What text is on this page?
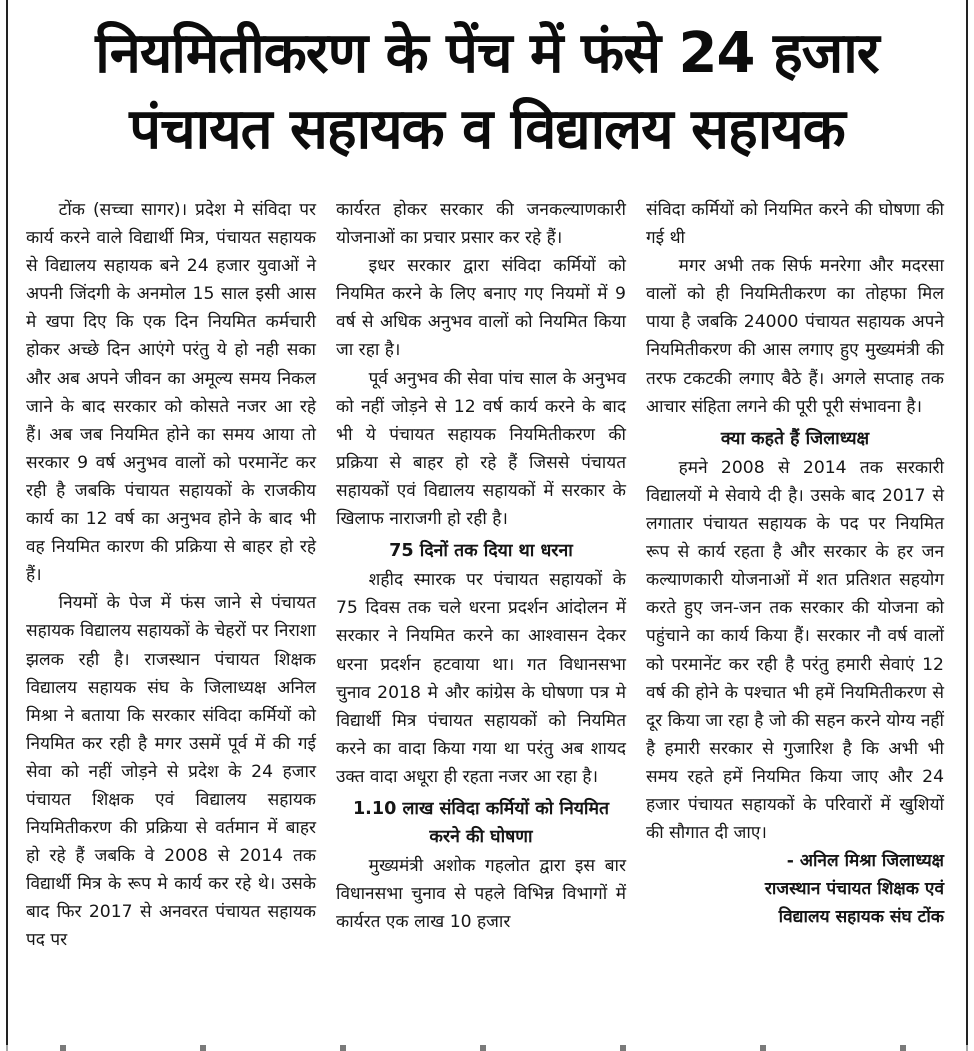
नियमितीकरण के पेंच में फंसे 24 हजार
पंचायत सहायक व विद्यालय सहायक

टोंक (सच्चा सागर)। प्रदेश मे संविदा पर कार्य करने वाले विद्यार्थी मित्र, पंचायत सहायक से विद्यालय सहायक बने 24 हजार युवाओं ने अपनी जिंदगी के अनमोल 15 साल इसी आस मे खपा दिए कि एक दिन नियमित कर्मचारी होकर अच्छे दिन आएंगे परंतु ये हो नही सका और अब अपने जीवन का अमूल्य समय निकल जाने के बाद सरकार को कोसते नजर आ रहे हैं। अब जब नियमित होने का समय आया तो सरकार 9 वर्ष अनुभव वालों को परमानेंट कर रही है जबकि पंचायत सहायकों के राजकीय कार्य का 12 वर्ष का अनुभव होने के बाद भी वह नियमित कारण की प्रक्रिया से बाहर हो रहे हैं।

नियमों के पेज में फंस जाने से पंचायत सहायक विद्यालय सहायकों के चेहरों पर निराशा झलक रही है। राजस्थान पंचायत शिक्षक विद्यालय सहायक संघ के जिलाध्यक्ष अनिल मिश्रा ने बताया कि सरकार संविदा कर्मियों को नियमित कर रही है मगर उसमें पूर्व में की गई सेवा को नहीं जोड़ने से प्रदेश के 24 हजार पंचायत शिक्षक एवं विद्यालय सहायक नियमितीकरण की प्रक्रिया से वर्तमान में बाहर हो रहे हैं जबकि वे 2008 से 2014 तक विद्यार्थी मित्र के रूप मे कार्य कर रहे थे। उसके बाद फिर 2017 से अनवरत पंचायत सहायक पद पर

कार्यरत होकर सरकार की जनकल्याणकारी योजनाओं का प्रचार प्रसार कर रहे हैं।

इधर सरकार द्वारा संविदा कर्मियों को नियमित करने के लिए बनाए गए नियमों में 9 वर्ष से अधिक अनुभव वालों को नियमित किया जा रहा है।

पूर्व अनुभव की सेवा पांच साल के अनुभव को नहीं जोड़ने से 12 वर्ष कार्य करने के बाद भी ये पंचायत सहायक नियमितीकरण की प्रक्रिया से बाहर हो रहे हैं जिससे पंचायत सहायकों एवं विद्यालय सहायकों में सरकार के खिलाफ नाराजगी हो रही है।

75 दिनों तक दिया था धरना

शहीद स्मारक पर पंचायत सहायकों के 75 दिवस तक चले धरना प्रदर्शन आंदोलन में सरकार ने नियमित करने का आश्वासन देकर धरना प्रदर्शन हटवाया था। गत विधानसभा चुनाव 2018 मे और कांग्रेस के घोषणा पत्र मे विद्यार्थी मित्र पंचायत सहायकों को नियमित करने का वादा किया गया था परंतु अब शायद उक्त वादा अधूरा ही रहता नजर आ रहा है।

1.10 लाख संविदा कर्मियों को नियमित करने की घोषणा

मुख्यमंत्री अशोक गहलोत द्वारा इस बार विधानसभा चुनाव से पहले विभिन्न विभागों में कार्यरत एक लाख 10 हजार

संविदा कर्मियों को नियमित करने की घोषणा की गई थी

मगर अभी तक सिर्फ मनरेगा और मदरसा वालों को ही नियमितीकरण का तोहफा मिल पाया है जबकि 24000 पंचायत सहायक अपने नियमितीकरण की आस लगाए हुए मुख्यमंत्री की तरफ टकटकी लगाए बैठे हैं। अगले सप्ताह तक आचार संहिता लगने की पूरी पूरी संभावना है।

क्या कहते हैं जिलाध्यक्ष

हमने 2008 से 2014 तक सरकारी विद्यालयों मे सेवाये दी है। उसके बाद 2017 से लगातार पंचायत सहायक के पद पर नियमित रूप से कार्य रहता है और सरकार के हर जन कल्याणकारी योजनाओं में शत प्रतिशत सहयोग करते हुए जन-जन तक सरकार की योजना को पहुंचाने का कार्य किया हैं। सरकार नौ वर्ष वालों को परमानेंट कर रही है परंतु हमारी सेवाएं 12 वर्ष की होने के पश्चात भी हमें नियमितीकरण से दूर किया जा रहा है जो की सहन करने योग्य नहीं है हमारी सरकार से गुजारिश है कि अभी भी समय रहते हमें नियमित किया जाए और 24 हजार पंचायत सहायकों के परिवारों में खुशियों की सौगात दी जाए।

- अनिल मिश्रा जिलाध्यक्ष

राजस्थान पंचायत शिक्षक एवं

विद्यालय सहायक संघ टोंक
